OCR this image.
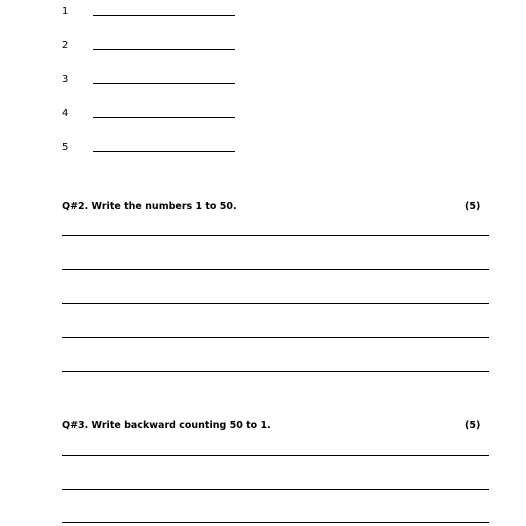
1
2
3
4
5
Q#2. Write the numbers 1 to 50.	(5)
Q#3. Write backward counting 50 to 1.	(5)
